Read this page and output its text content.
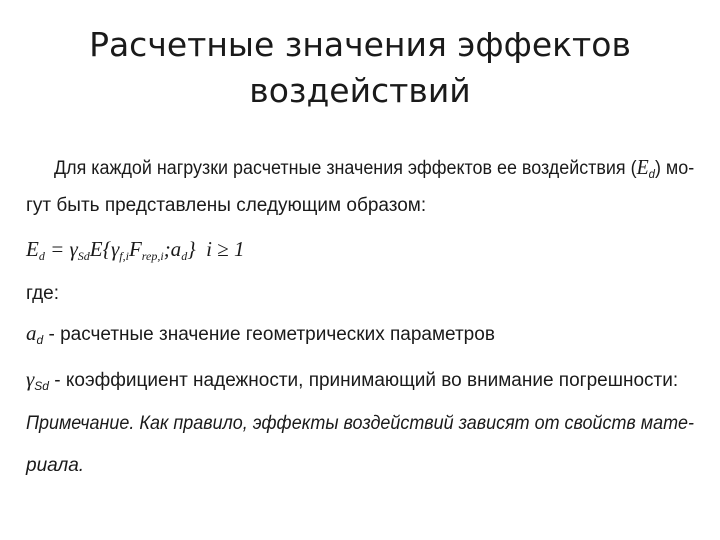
Расчетные значения эффектов
воздействий
Для каждой нагрузки расчетные значения эффектов ее воздействия $(E_d)$ мо-
гут быть представлены следующим образом:
$E_d$ = $\gamma_{Sd}E\{\gamma_{f,i}F_{rep,i};a_d\} i \ge 1$
где:
$a_d$ - расчетные значение геометрических параметров
$\gamma_{Sd}$ - коэффициент надежности, принимающий во внимание погрешности:
Примечание. Как правило, эффекты воздействий зависят от свойств мате-
риала.
